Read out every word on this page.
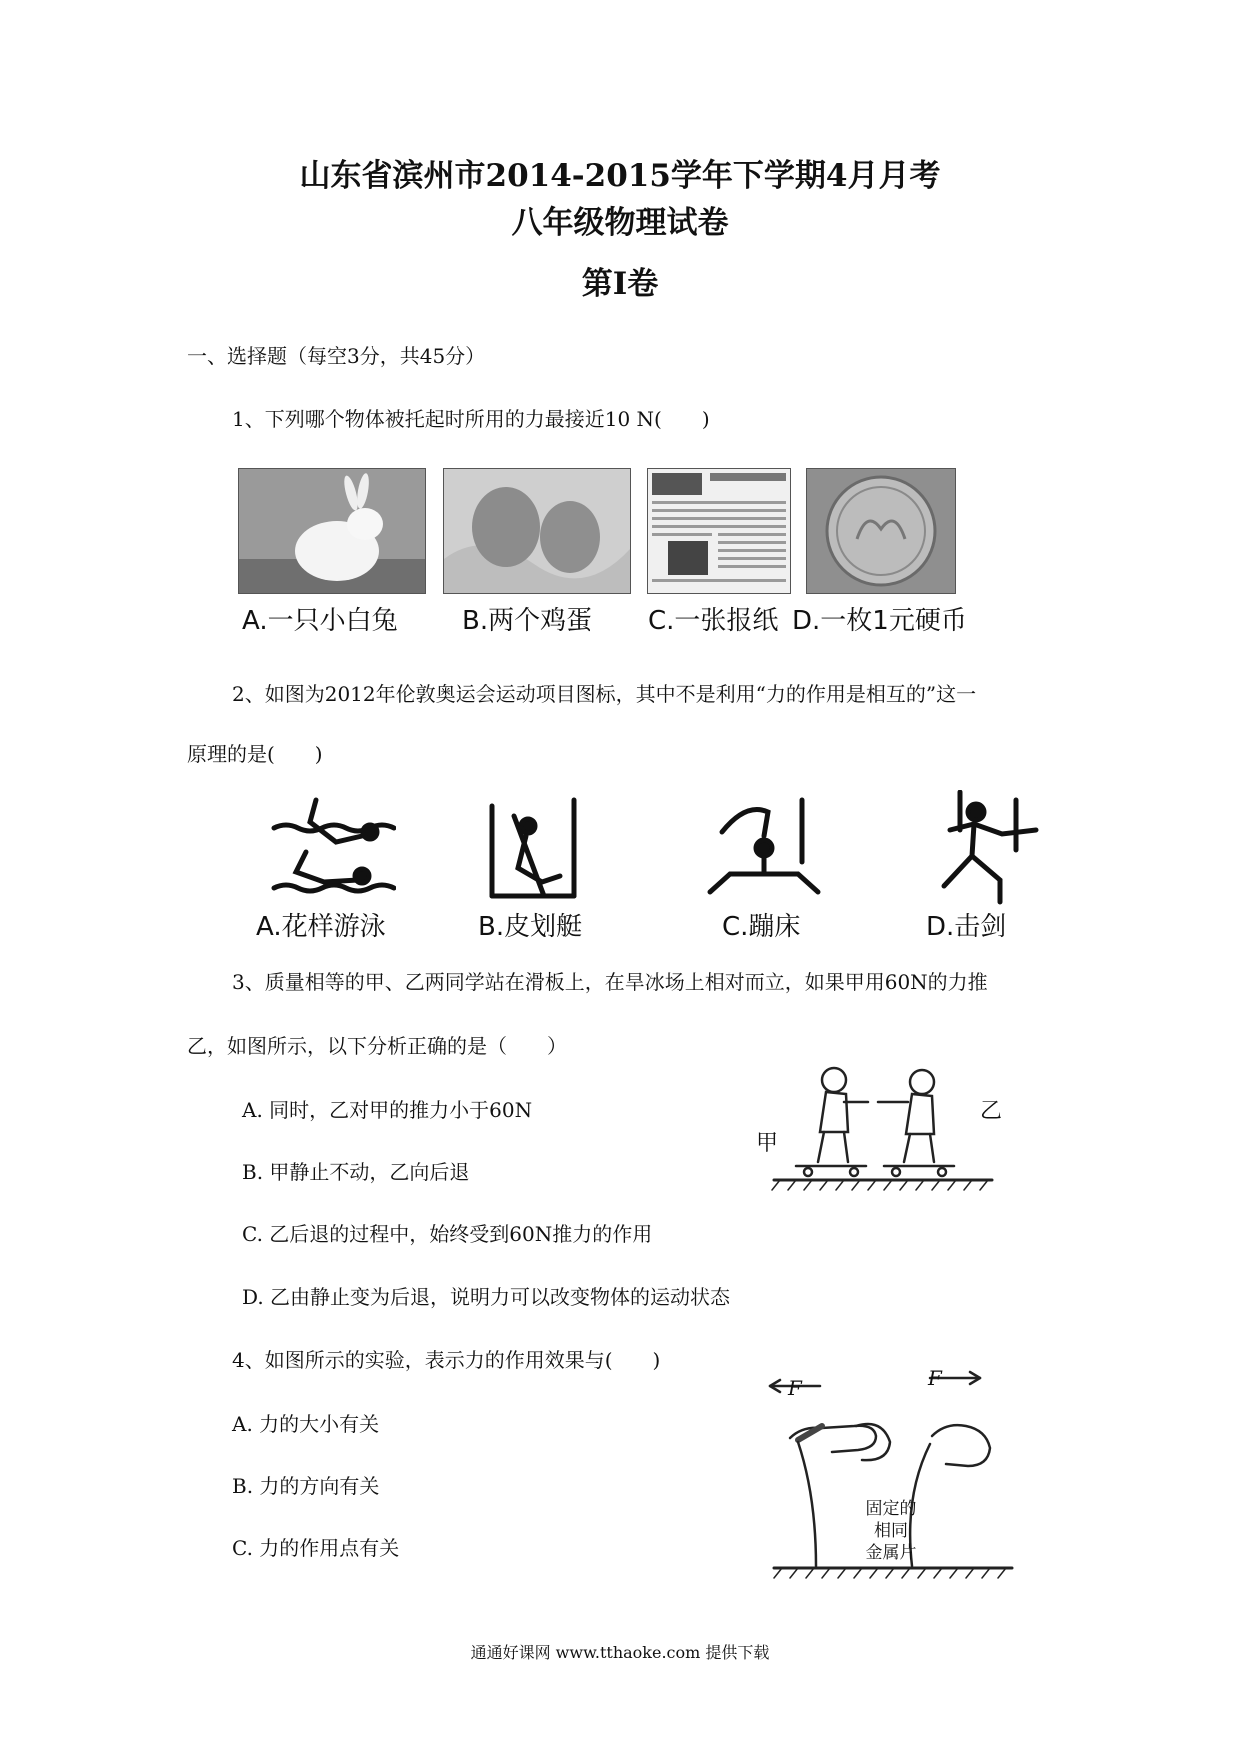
山东省滨州市2014-2015学年下学期4月月考
八年级物理试卷
第I卷
一、选择题（每空3分，共45分）
1、下列哪个物体被托起时所用的力最接近10 N(　　)
A.一只小白兔 B.两个鸡蛋 C.一张报纸 D.一枚1元硬币
2、如图为2012年伦敦奥运会运动项目图标，其中不是利用“力的作用是相互的”这一
原理的是(　　)
A.花样游泳	B.皮划艇	C.蹦床	D.击剑
3、质量相等的甲、乙两同学站在滑板上，在旱冰场上相对而立，如果甲用60N的力推
乙，如图所示，以下分析正确的是（　　）
A. 同时，乙对甲的推力小于60N
B. 甲静止不动，乙向后退
C. 乙后退的过程中，始终受到60N推力的作用
D. 乙由静止变为后退，说明力可以改变物体的运动状态
甲
乙
4、如图所示的实验，表示力的作用效果与(　　)
A. 力的大小有关
B. 力的方向有关
C. 力的作用点有关
F	F
固定的
相同
金属片
通通好课网 www.tthaoke.com 提供下载
